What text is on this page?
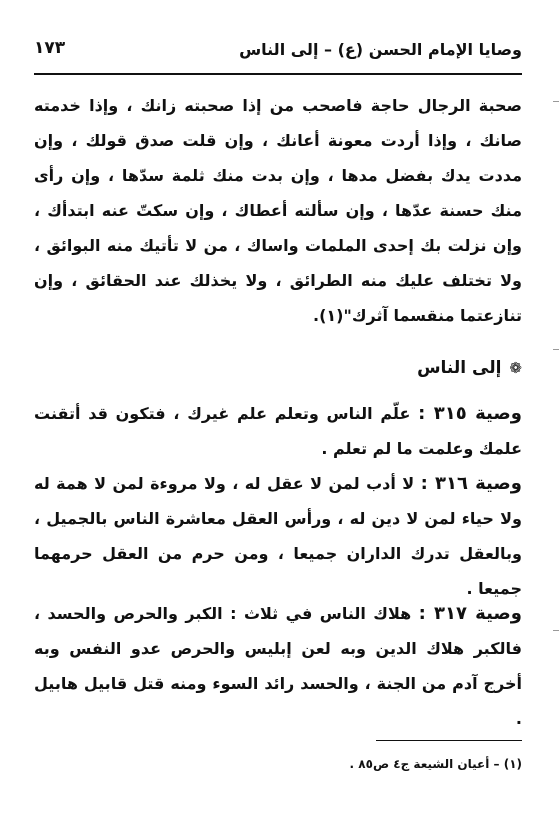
وصايا الإمام الحسن (ع) – إلى الناس
١٧٣

صحبة الرجال حاجة فاصحب من إذا صحبته زانك ، وإذا خدمته صانك ، وإذا أردت معونة أعانك ، وإن قلت صدق قولك ، وإن مددت يدك بفضل مدها ، وإن بدت منك ثلمة سدّها ، وإن رأى منك حسنة عدّها ، وإن سألته أعطاك ، وإن سكتّ عنه ابتدأك ، وإن نزلت بك إحدى الملمات واساك ، من لا تأتيك منه البوائق ، ولا تختلف عليك منه الطرائق ، ولا يخذلك عند الحقائق ، وإن تنازعتما منقسما آثرك"(١).

❁إلى الناس
وصية ٣١٥ : علّم الناس وتعلم علم غيرك ، فتكون قد أتقنت علمك وعلمت ما لم تعلم .
وصية ٣١٦ : لا أدب لمن لا عقل له ، ولا مروءة لمن لا همة له ولا حياء لمن لا دين له ، ورأس العقل معاشرة الناس بالجميل ، وبالعقل تدرك الداران جميعا ، ومن حرم من العقل حرمهما جميعا .
وصية ٣١٧ : هلاك الناس في ثلاث : الكبر والحرص والحسد ، فالكبر هلاك الدين وبه لعن إبليس والحرص عدو النفس وبه أخرج آدم من الجنة ، والحسد رائد السوء ومنه قتل قابيل هابيل .
(١) – أعيان الشيعة ج٤ ص٨٥ .
